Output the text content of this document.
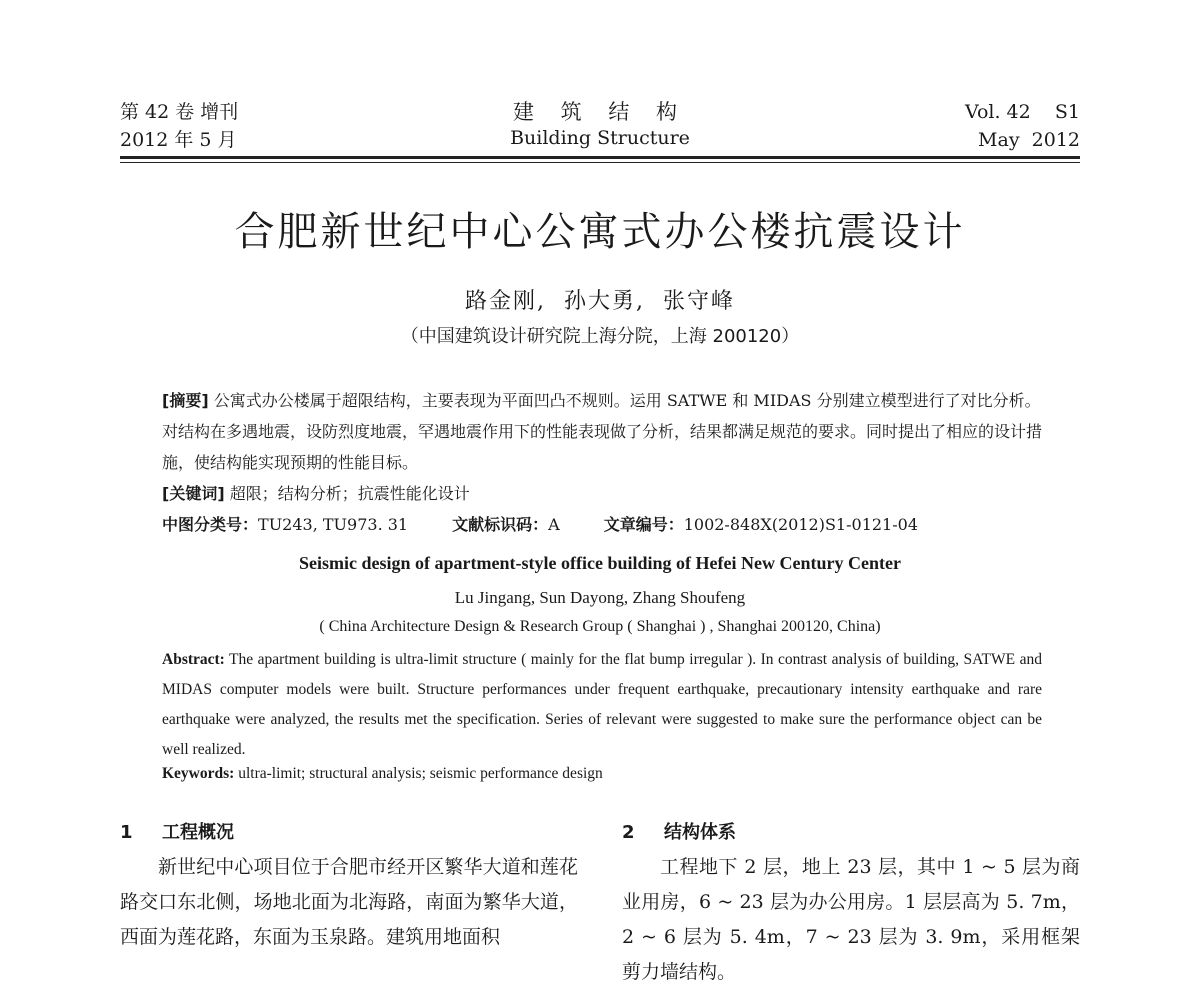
第 42 卷 增刊
2012 年 5 月
建 筑 结 构
Building Structure
Vol. 42    S1
May  2012
合肥新世纪中心公寓式办公楼抗震设计
路金刚,  孙大勇,  张守峰
（中国建筑设计研究院上海分院，上海 200120）
[摘要] 公寓式办公楼属于超限结构，主要表现为平面凹凸不规则。运用 SATWE 和 MIDAS 分别建立模型进行了对比分析。对结构在多遇地震，设防烈度地震，罕遇地震作用下的性能表现做了分析，结果都满足规范的要求。同时提出了相应的设计措施，使结构能实现预期的性能目标。
[关键词] 超限；结构分析；抗震性能化设计
中图分类号：TU243, TU973. 31	文献标识码：A	文章编号：1002-848X(2012)S1-0121-04
Seismic design of apartment-style office building of Hefei New Century Center
Lu Jingang, Sun Dayong, Zhang Shoufeng
( China Architecture Design & Research Group ( Shanghai ) , Shanghai 200120, China)
Abstract: The apartment building is ultra-limit structure ( mainly for the flat bump irregular ). In contrast analysis of building, SATWE and MIDAS computer models were built. Structure performances under frequent earthquake, precautionary intensity earthquake and rare earthquake were analyzed, the results met the specification. Series of relevant were suggested to make sure the performance object can be well realized.
Keywords: ultra-limit; structural analysis; seismic performance design
1 工程概况
新世纪中心项目位于合肥市经开区繁华大道和莲花路交口东北侧，场地北面为北海路，南面为繁华大道，西面为莲花路，东面为玉泉路。建筑用地面积
2 结构体系
工程地下 2 层，地上 23 层，其中 1 ~ 5 层为商业用房，6 ~ 23 层为办公用房。1 层层高为 5. 7m，2 ~ 6 层为 5. 4m，7 ~ 23 层为 3. 9m，采用框架剪力墙结构。
